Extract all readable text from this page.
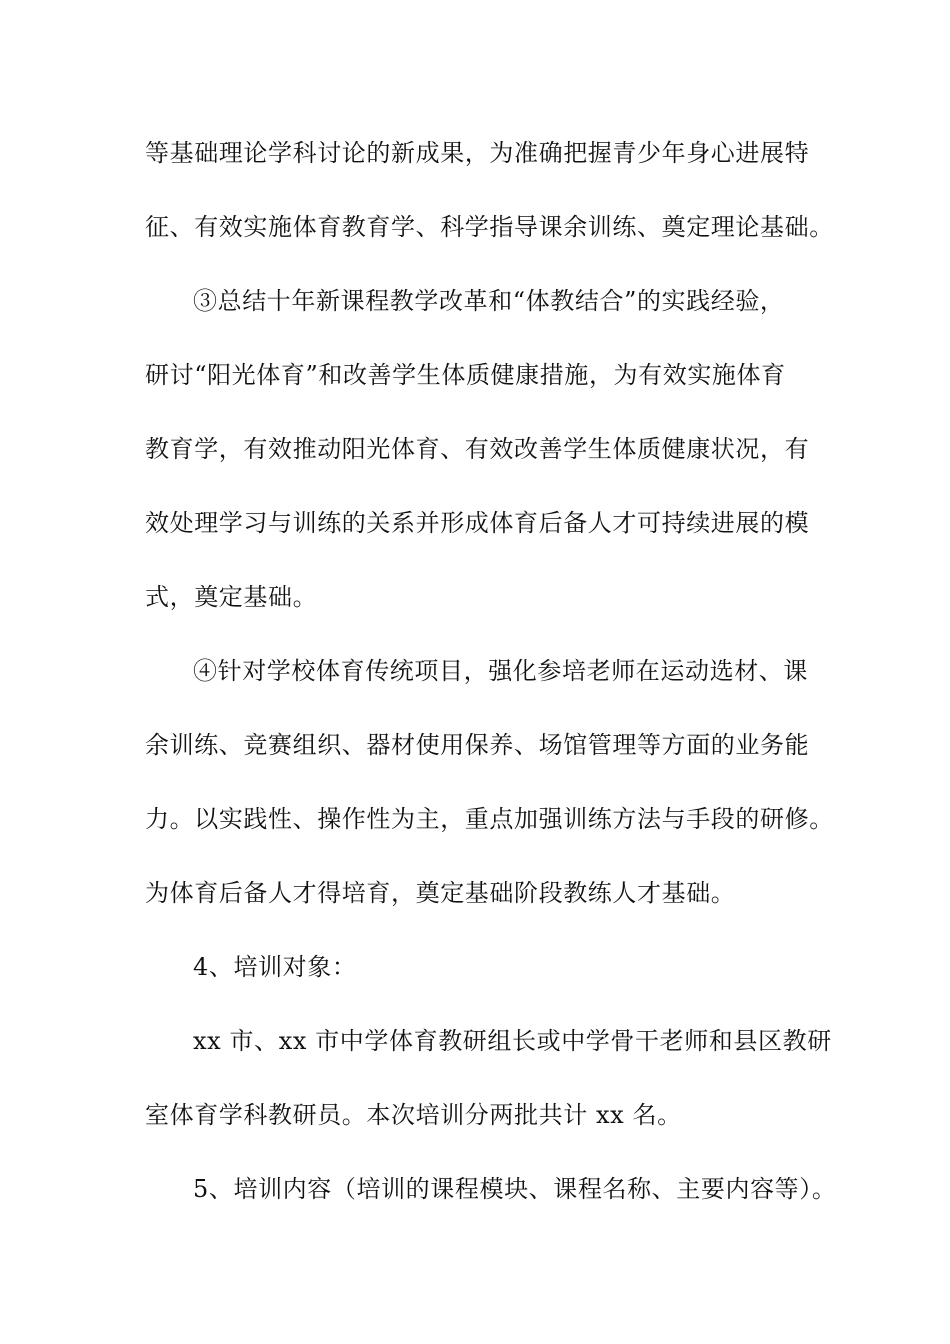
等基础理论学科讨论的新成果，为准确把握青少年身心进展特
征、有效实施体育教育学、科学指导课余训练、奠定理论基础。
③总结十年新课程教学改革和“体教结合”的实践经验，
研讨“阳光体育”和改善学生体质健康措施，为有效实施体育
教育学，有效推动阳光体育、有效改善学生体质健康状况，有
效处理学习与训练的关系并形成体育后备人才可持续进展的模
式，奠定基础。
④针对学校体育传统项目，强化参培老师在运动选材、课
余训练、竞赛组织、器材使用保养、场馆管理等方面的业务能
力。以实践性、操作性为主，重点加强训练方法与手段的研修。
为体育后备人才得培育，奠定基础阶段教练人才基础。
4、培训对象：
xx 市、xx 市中学体育教研组长或中学骨干老师和县区教研
室体育学科教研员。本次培训分两批共计 xx 名。
5、培训内容（培训的课程模块、课程名称、主要内容等）。
